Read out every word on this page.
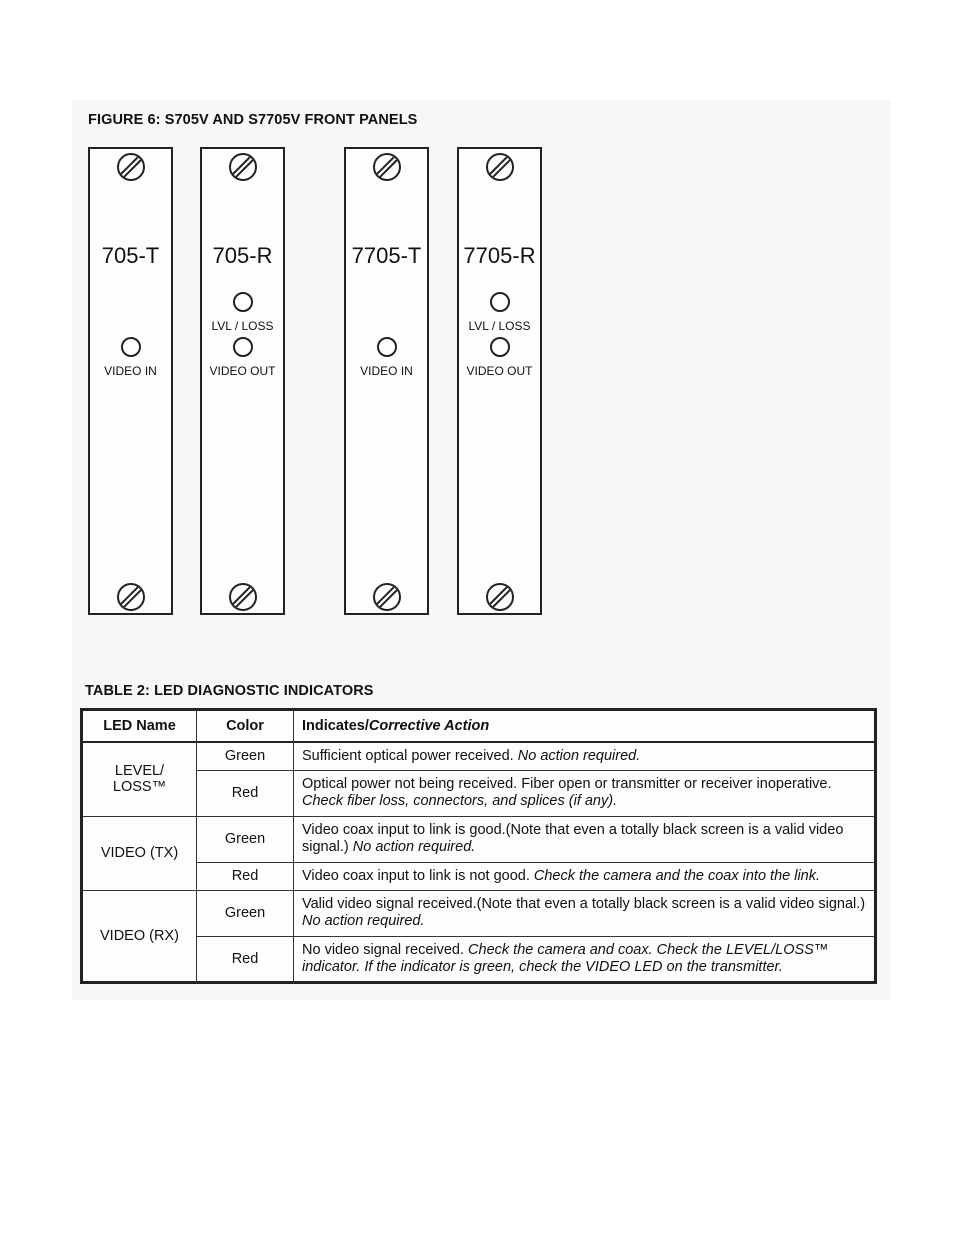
FIGURE 6: S705V AND S7705V FRONT PANELS
705-T
VIDEO IN
705-R
LVL / LOSS
VIDEO OUT
7705-T
VIDEO IN
7705-R
LVL / LOSS
VIDEO OUT
TABLE 2: LED DIAGNOSTIC INDICATORS
LED Name	Color	Indicates/Corrective Action
LEVEL/
LOSS™	Green	Sufficient optical power received. No action required.
	Red	Optical power not being received. Fiber open or transmitter or receiver inoperative. Check fiber loss, connectors, and splices (if any).
VIDEO (TX)	Green	Video coax input to link is good.(Note that even a totally black screen is a valid video signal.) No action required.
	Red	Video coax input to link is not good. Check the camera and the coax into the link.
VIDEO (RX)	Green	Valid video signal received.(Note that even a totally black screen is a valid video signal.) No action required.
	Red	No video signal received. Check the camera and coax. Check the LEVEL/LOSS™ indicator. If the indicator is green, check the VIDEO LED on the transmitter.
